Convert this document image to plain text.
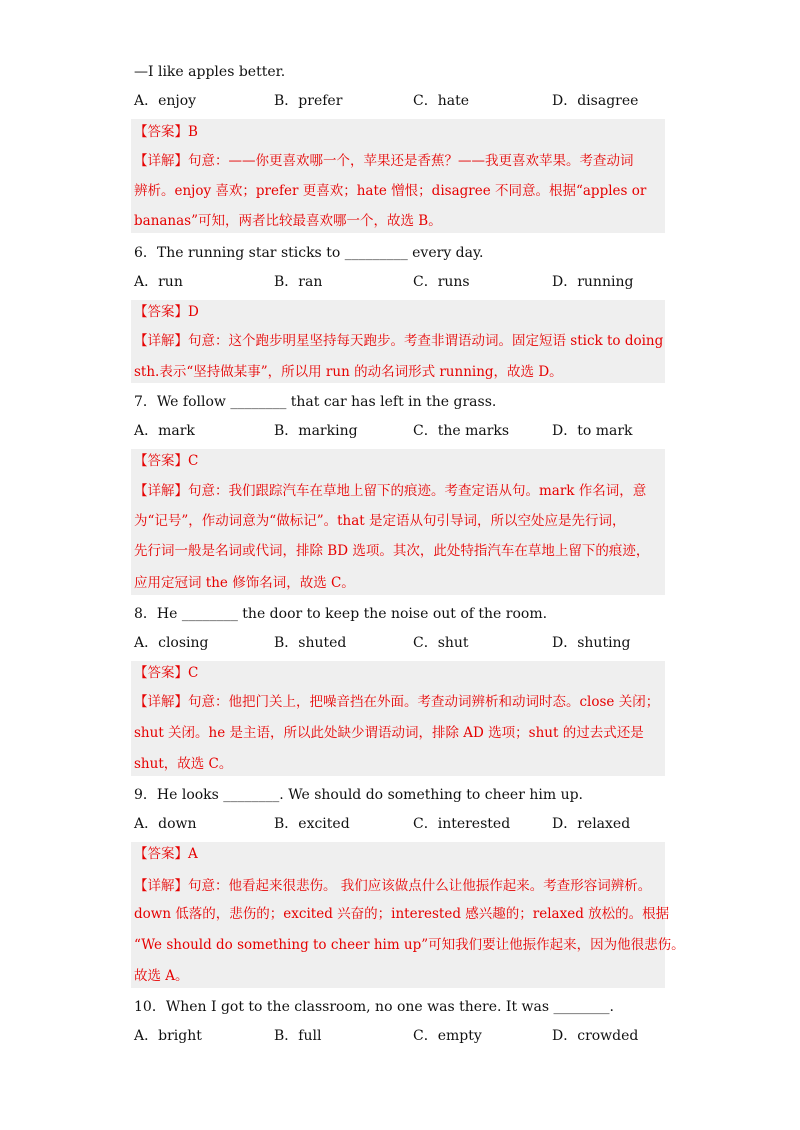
—I like apples better.
A．enjoy	B．prefer	C．hate	D．disagree
【答案】B
【详解】句意：——你更喜欢哪一个，苹果还是香蕉？——我更喜欢苹果。考查动词
辨析。enjoy 喜欢；prefer 更喜欢；hate 憎恨；disagree 不同意。根据“apples or
bananas”可知，两者比较最喜欢哪一个，故选 B。
6．The running star sticks to _________ every day.
A．run	B．ran	C．runs	D．running
【答案】D
【详解】句意：这个跑步明星坚持每天跑步。考查非谓语动词。固定短语 stick to doing
sth.表示“坚持做某事”，所以用 run 的动名词形式 running，故选 D。
7．We follow ________ that car has left in the grass.
A．mark	B．marking	C．the marks	D．to mark
【答案】C
【详解】句意：我们跟踪汽车在草地上留下的痕迹。考查定语从句。mark 作名词，意
为“记号”，作动词意为“做标记”。that 是定语从句引导词，所以空处应是先行词，
先行词一般是名词或代词，排除 BD 选项。其次，此处特指汽车在草地上留下的痕迹，
应用定冠词 the 修饰名词，故选 C。
8．He ________ the door to keep the noise out of the room.
A．closing	B．shuted	C．shut	D．shuting
【答案】C
【详解】句意：他把门关上，把噪音挡在外面。考查动词辨析和动词时态。close 关闭；
shut 关闭。he 是主语，所以此处缺少谓语动词，排除 AD 选项；shut 的过去式还是
shut，故选 C。
9．He looks ________. We should do something to cheer him up.
A．down	B．excited	C．interested	D．relaxed
【答案】A
【详解】句意：他看起来很悲伤。 我们应该做点什么让他振作起来。考查形容词辨析。
down 低落的，悲伤的；excited 兴奋的；interested 感兴趣的；relaxed 放松的。根据
“We should do something to cheer him up”可知我们要让他振作起来，因为他很悲伤。
故选 A。
10．When I got to the classroom, no one was there. It was ________.
A．bright	B．full	C．empty	D．crowded
